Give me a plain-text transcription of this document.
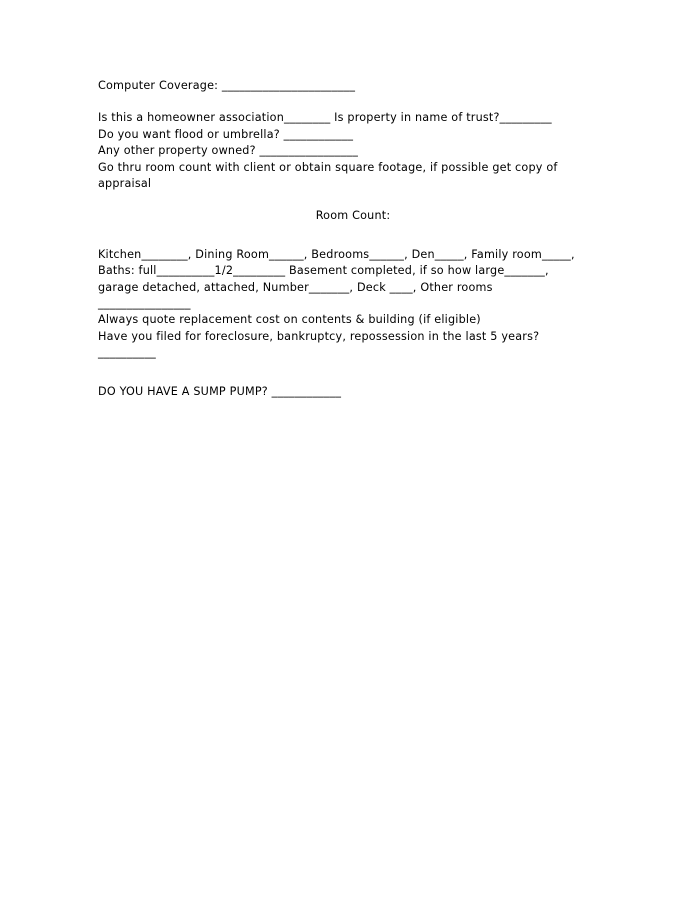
Computer Coverage: _______________________

Is this a homeowner association________ Is property in name of trust?_________

Do you want flood or umbrella? ____________

Any other property owned? _________________

Go thru room count with client or obtain square footage, if possible get copy of appraisal

Room Count:

Kitchen________, Dining Room______, Bedrooms______, Den_____, Family room_____,

Baths: full__________1/2_________ Basement completed, if so how large_______,

garage detached, attached, Number_______, Deck ____, Other rooms ________________

Always quote replacement cost on contents & building (if eligible)

Have you filed for foreclosure, bankruptcy, repossession in the last 5 years?__________

DO YOU HAVE A SUMP PUMP? ____________
